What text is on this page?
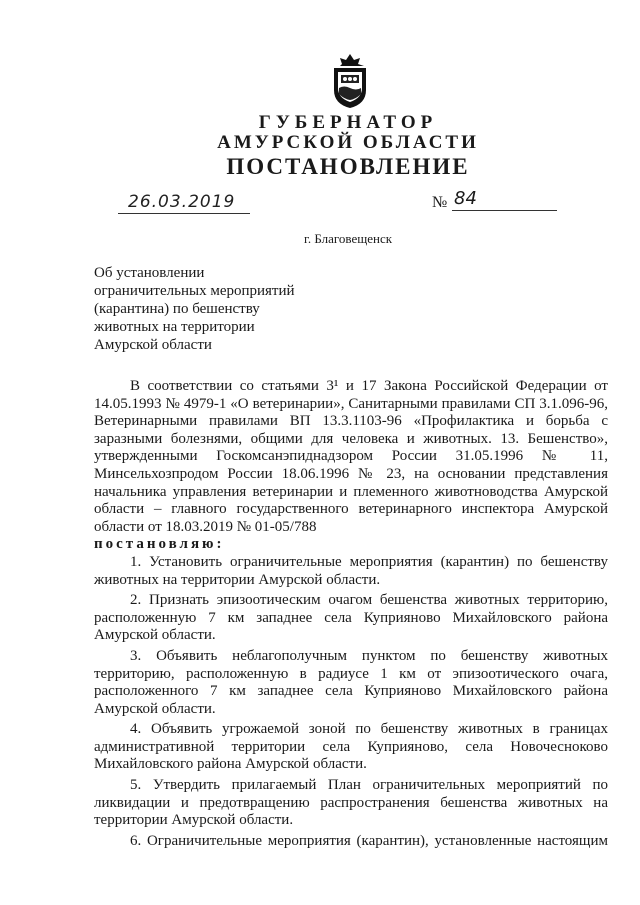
ГУБЕРНАТОР
АМУРСКОЙ ОБЛАСТИ
ПОСТАНОВЛЕНИЕ
26.03.2019	№ 84
г. Благовещенск
Об установлении
ограничительных мероприятий
(карантина) по бешенству
животных на территории
Амурской области
В соответствии со статьями 3¹ и 17 Закона Российской Федерации от
14.05.1993 № 4979-1 «О ветеринарии», Санитарными правилами СП 3.1.096-96,
Ветеринарными правилами ВП 13.3.1103-96 «Профилактика и борьба с
заразными болезнями, общими для человека и животных. 13. Бешенство»,
утвержденными Госкомсанэпиднадзором России 31.05.1996 № 11,
Минсельхозпродом России 18.06.1996 № 23, на основании представления
начальника управления ветеринарии и племенного животноводства Амурской
области – главного государственного ветеринарного инспектора Амурской
области от 18.03.2019 № 01-05/788
постановляю:
1. Установить ограничительные мероприятия (карантин) по бешенству
животных на территории Амурской области.
2. Признать эпизоотическим очагом бешенства животных территорию,
расположенную 7 км западнее села Куприяново Михайловского района
Амурской области.
3. Объявить неблагополучным пунктом по бешенству животных
территорию, расположенную в радиусе 1 км от эпизоотического очага,
расположенного 7 км западнее села Куприяново Михайловского района
Амурской области.
4. Объявить угрожаемой зоной по бешенству животных в границах
административной территории села Куприяново, села Новочесноково
Михайловского района Амурской области.
5. Утвердить прилагаемый План ограничительных мероприятий по
ликвидации и предотвращению распространения бешенства животных на
территории Амурской области.
6. Ограничительные мероприятия (карантин), установленные настоящим
